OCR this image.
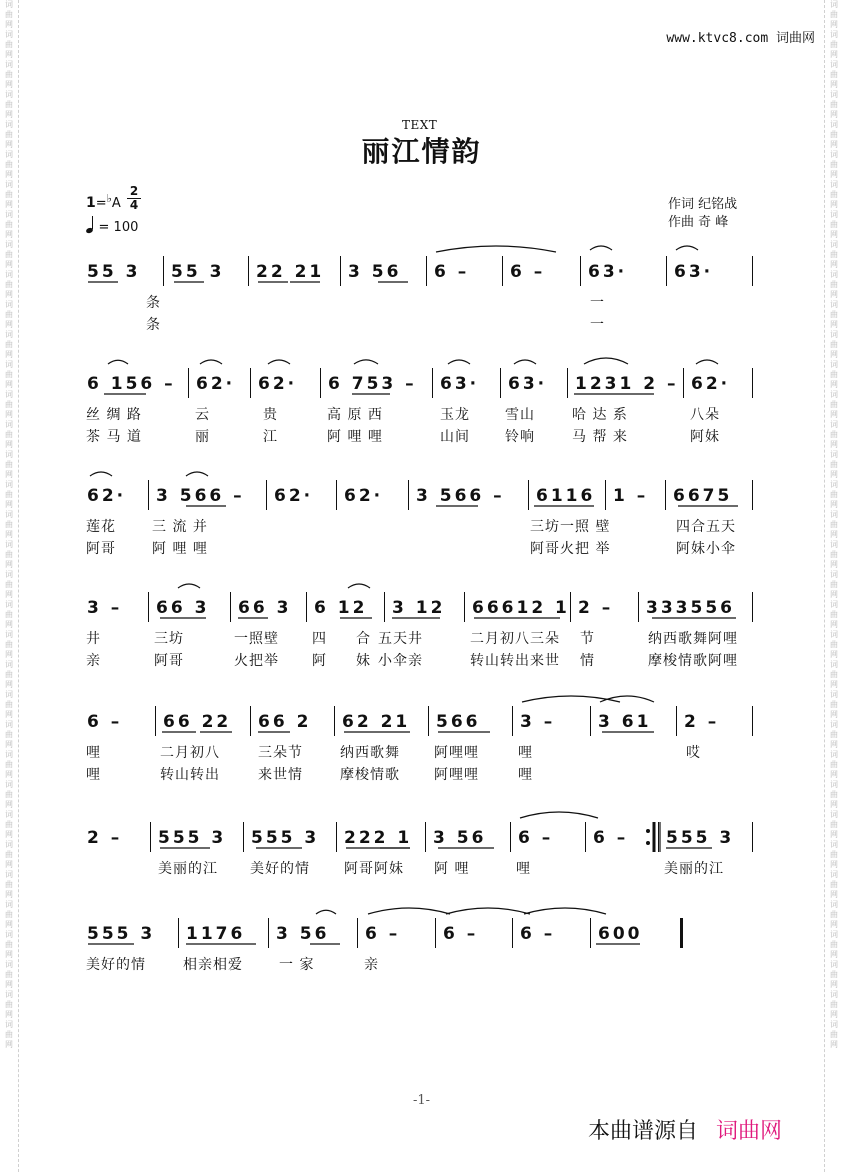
词曲网词曲网词曲网词曲网词曲网词曲网词曲网词曲网词曲网词曲网词曲网词曲网词曲网词曲网词曲网词曲网词曲网词曲网词曲网词曲网词曲网词曲网词曲网词曲网词曲网词曲网词曲网词曲网词曲网词曲网词曲网词曲网词曲网词曲网词曲网
词曲网词曲网词曲网词曲网词曲网词曲网词曲网词曲网词曲网词曲网词曲网词曲网词曲网词曲网词曲网词曲网词曲网词曲网词曲网词曲网词曲网词曲网词曲网词曲网词曲网词曲网词曲网词曲网词曲网词曲网词曲网词曲网词曲网词曲网词曲网
www.ktvc8.com 词曲网
TEXT
丽江情韵
1=♭A
2
4
= 100
作词 纪铭战
作曲 奇 峰
55 3 55 3 22 21 3 56 6 – 6 –	63·	63·
一
条
一
条
6 156 – 62· 62· 6 753 – 63· 63· 1231 2 – 62·
丝 绸 路	云	贵	高 原 西	玉龙	雪山	哈 达 系	八朵
茶 马 道	丽	江	阿 哩 哩	山间	铃响	马 帮 来	阿妹
62· 3 566 – 62· 62· 3 566 – 6116 1 – 6675
莲花	三 流 并	三坊一照 壁	四合五天
阿哥	阿 哩 哩	阿哥火把 举	阿妹小伞
3 – 66 3 66 3 6 12 3 12 66612 1 2 – 333556
井	三坊	一照壁 四 合 五天井	二月初八三朵 节	纳西歌舞阿哩
亲	阿哥	火把举 阿 妹 小伞亲	转山转出来世 情	摩梭情歌阿哩
6 – 66 22 66 2 62 21 566 3 –	3 61 2 –
哩	二月初八	三朵节	纳西歌舞 阿哩哩	哩	哎
哩	转山转出	来世情	摩梭情歌 阿哩哩	哩
2 – 555 3 555 3 222 1 3 56 6 – 6 – 555 3
美丽的江 美好的情 阿哥阿妹 阿 哩	哩	美丽的江
555 3 1176 3 56 6 –	6 – 6 –	600
美好的情	相亲相爱	一 家	亲
-1-
本曲谱源自 词曲网
